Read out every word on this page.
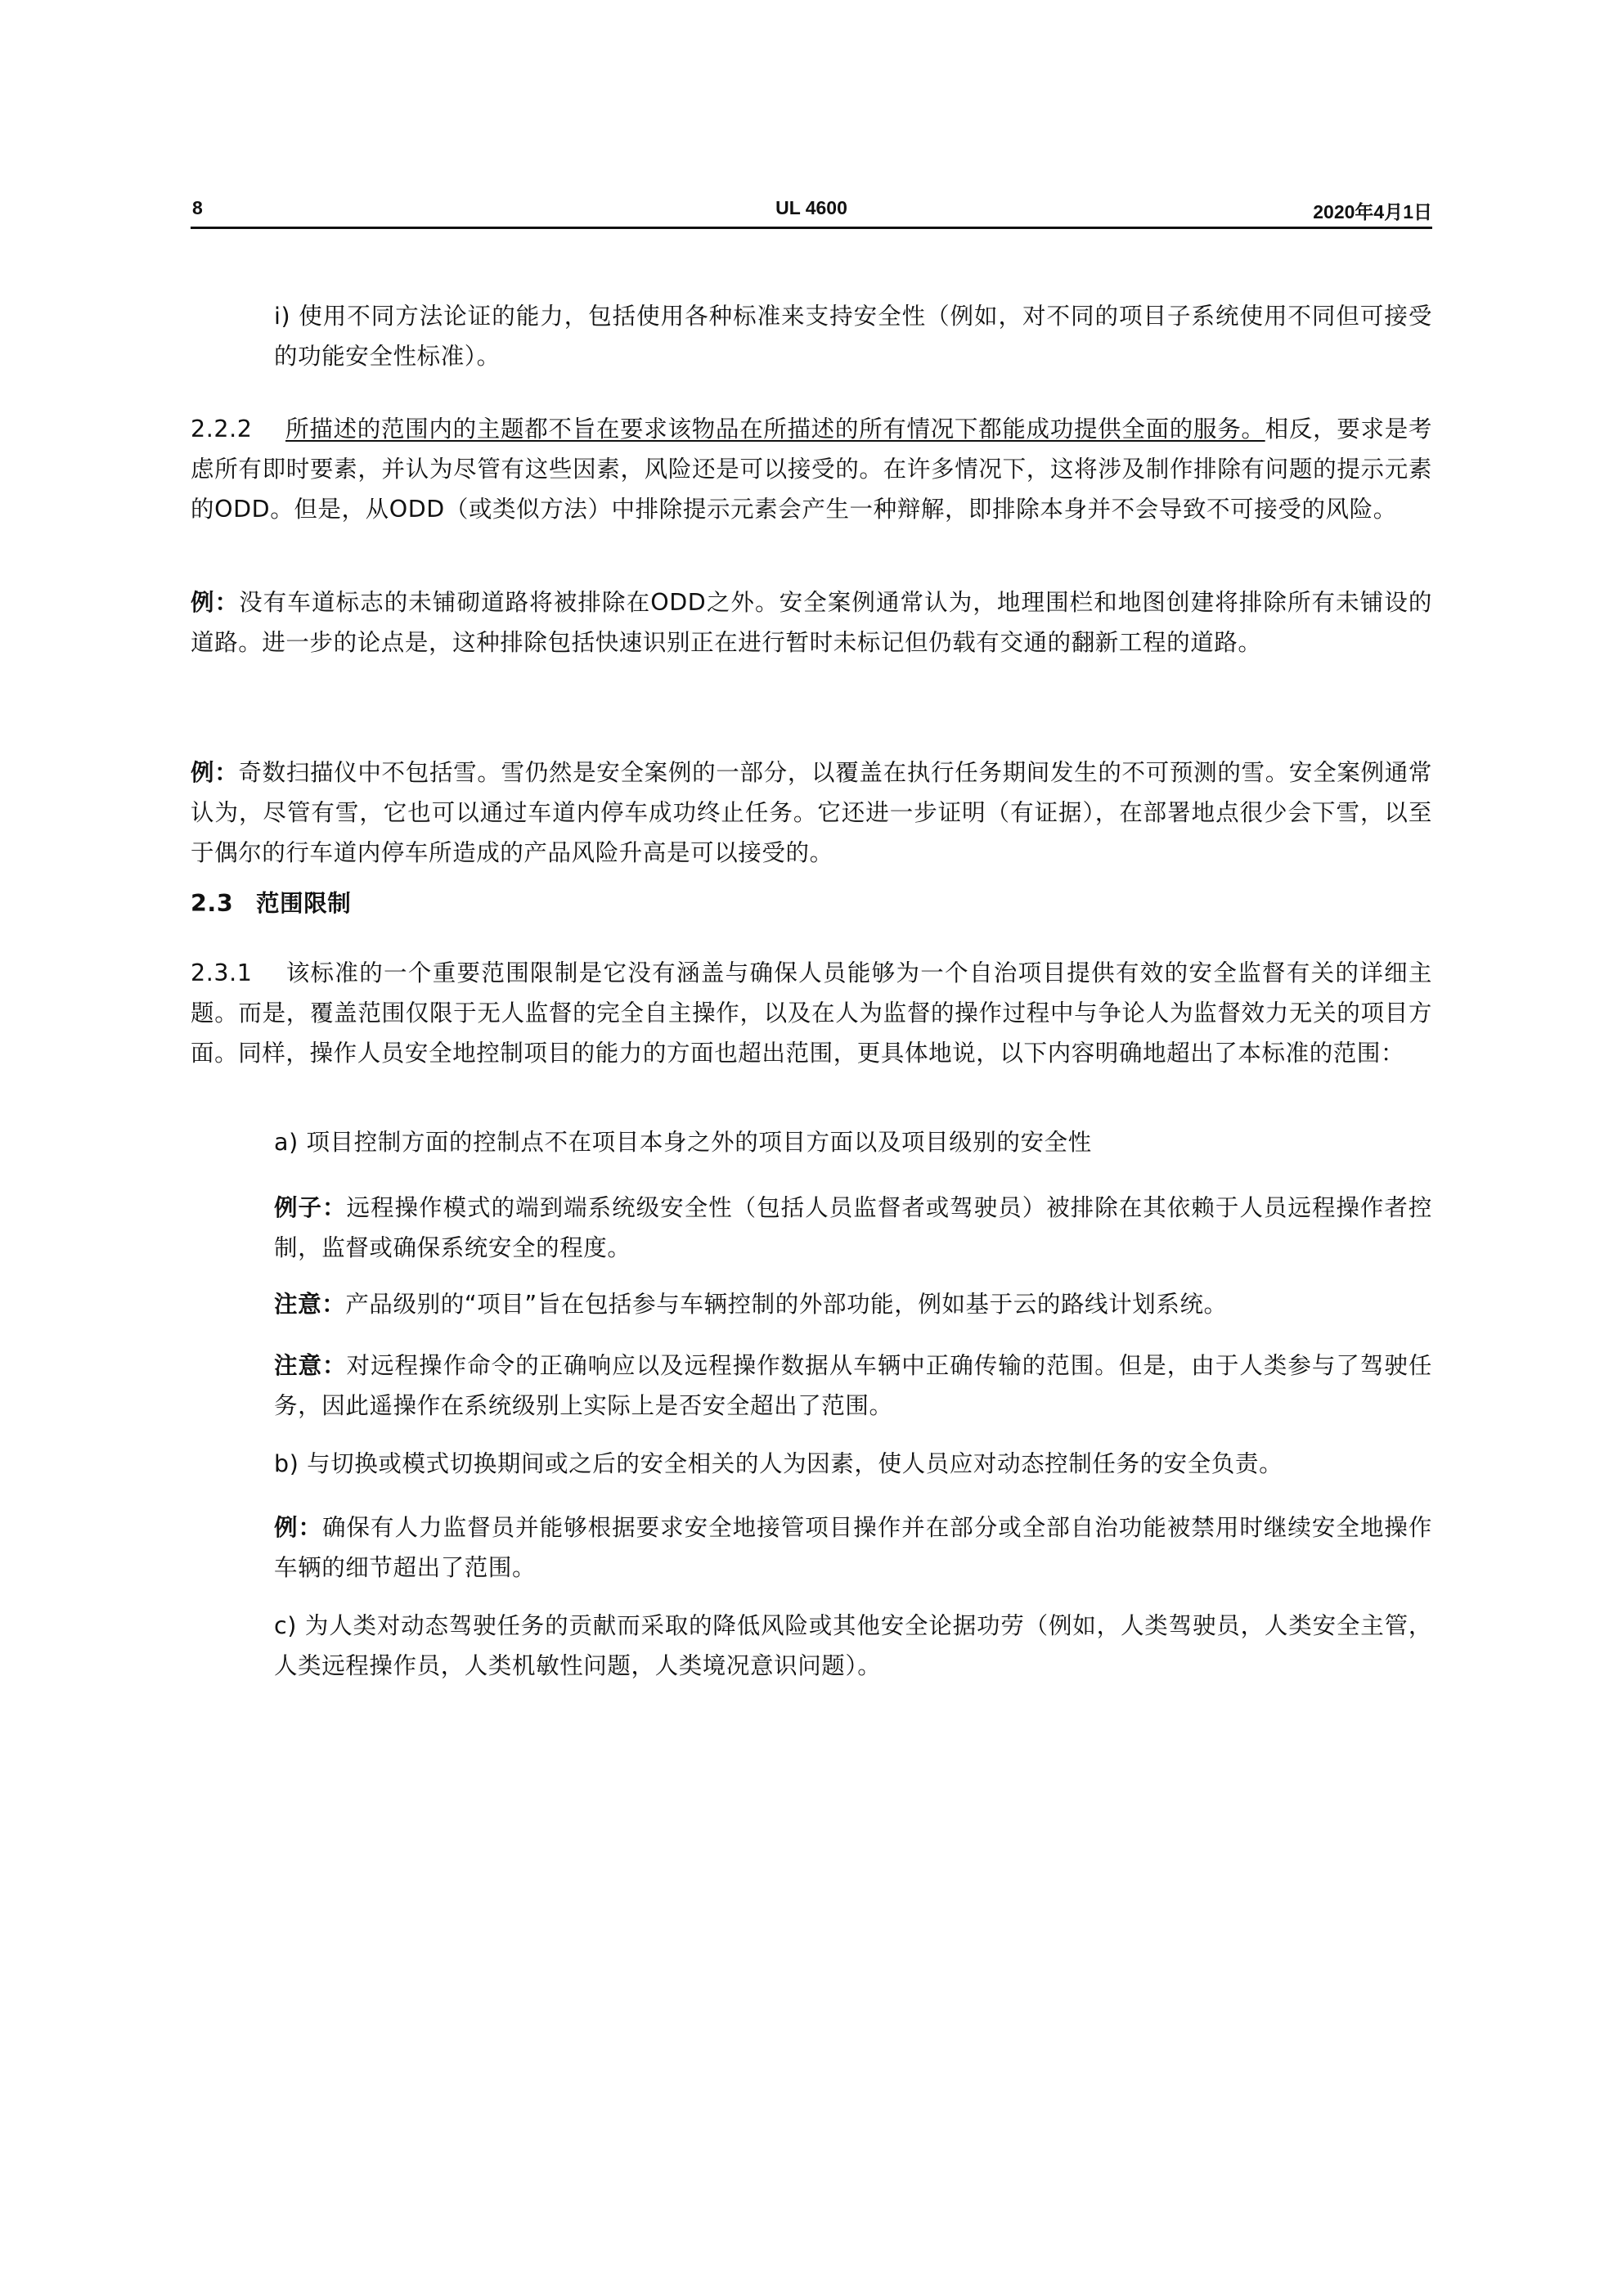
8	UL 4600	2020年4月1日

i) 使用不同方法论证的能力，包括使用各种标准来支持安全性（例如，对不同的项目子系统使用不同但可接受的功能安全性标准）。

2.2.2 所描述的范围内的主题都不旨在要求该物品在所描述的所有情况下都能成功提供全面的服务。相反，要求是考虑所有即时要素，并认为尽管有这些因素，风险还是可以接受的。在许多情况下，这将涉及制作排除有问题的提示元素的ODD。但是，从ODD（或类似方法）中排除提示元素会产生一种辩解，即排除本身并不会导致不可接受的风险。

例：没有车道标志的未铺砌道路将被排除在ODD之外。安全案例通常认为，地理围栏和地图创建将排除所有未铺设的道路。进一步的论点是，这种排除包括快速识别正在进行暂时未标记但仍载有交通的翻新工程的道路。

例：奇数扫描仪中不包括雪。雪仍然是安全案例的一部分，以覆盖在执行任务期间发生的不可预测的雪。安全案例通常认为，尽管有雪，它也可以通过车道内停车成功终止任务。它还进一步证明（有证据），在部署地点很少会下雪，以至于偶尔的行车道内停车所造成的产品风险升高是可以接受的。

2.3 范围限制

2.3.1 该标准的一个重要范围限制是它没有涵盖与确保人员能够为一个自治项目提供有效的安全监督有关的详细主题。而是，覆盖范围仅限于无人监督的完全自主操作，以及在人为监督的操作过程中与争论人为监督效力无关的项目方面。同样，操作人员安全地控制项目的能力的方面也超出范围，更具体地说，以下内容明确地超出了本标准的范围：

a) 项目控制方面的控制点不在项目本身之外的项目方面以及项目级别的安全性

例子：远程操作模式的端到端系统级安全性（包括人员监督者或驾驶员）被排除在其依赖于人员远程操作者控制，监督或确保系统安全的程度。

注意：产品级别的“项目”旨在包括参与车辆控制的外部功能，例如基于云的路线计划系统。

注意：对远程操作命令的正确响应以及远程操作数据从车辆中正确传输的范围。但是，由于人类参与了驾驶任务，因此遥操作在系统级别上实际上是否安全超出了范围。

b) 与切换或模式切换期间或之后的安全相关的人为因素，使人员应对动态控制任务的安全负责。

例：确保有人力监督员并能够根据要求安全地接管项目操作并在部分或全部自治功能被禁用时继续安全地操作车辆的细节超出了范围。

c) 为人类对动态驾驶任务的贡献而采取的降低风险或其他安全论据功劳（例如，人类驾驶员，人类安全主管，人类远程操作员，人类机敏性问题，人类境况意识问题）。
